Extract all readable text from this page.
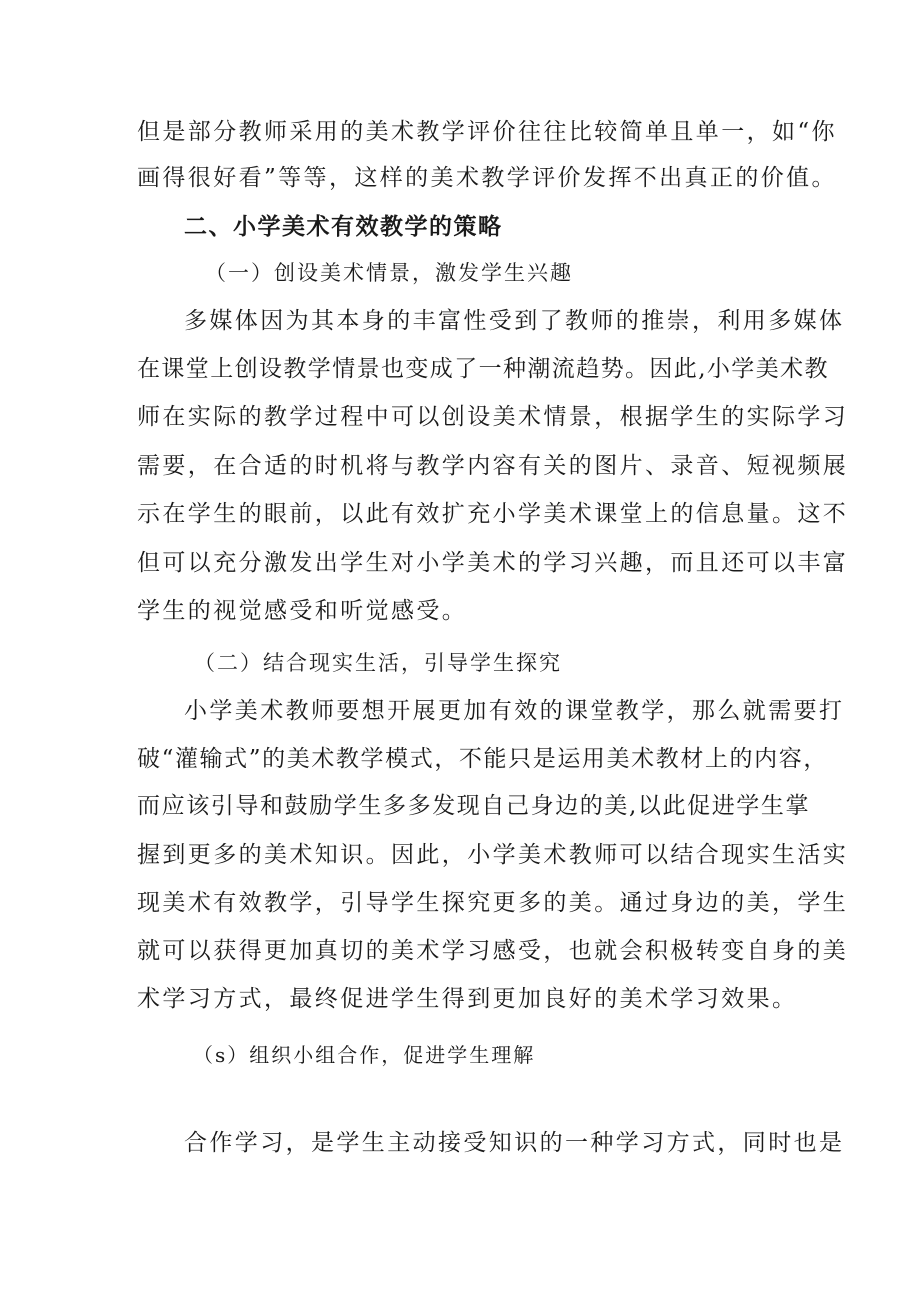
但是部分教师采用的美术教学评价往往比较简单且单一，如“你
画得很好看”等等，这样的美术教学评价发挥不出真正的价值。
二、小学美术有效教学的策略
（一）创设美术情景，激发学生兴趣
多媒体因为其本身的丰富性受到了教师的推崇，利用多媒体
在课堂上创设教学情景也变成了一种潮流趋势。因此,小学美术教
师在实际的教学过程中可以创设美术情景，根据学生的实际学习
需要，在合适的时机将与教学内容有关的图片、录音、短视频展
示在学生的眼前，以此有效扩充小学美术课堂上的信息量。这不
但可以充分激发出学生对小学美术的学习兴趣，而且还可以丰富
学生的视觉感受和听觉感受。
（二）结合现实生活，引导学生探究
小学美术教师要想开展更加有效的课堂教学，那么就需要打
破“灌输式”的美术教学模式，不能只是运用美术教材上的内容，
而应该引导和鼓励学生多多发现自己身边的美,以此促进学生掌
握到更多的美术知识。因此，小学美术教师可以结合现实生活实
现美术有效教学，引导学生探究更多的美。通过身边的美，学生
就可以获得更加真切的美术学习感受，也就会积极转变自身的美
术学习方式，最终促进学生得到更加良好的美术学习效果。
（s）组织小组合作，促进学生理解
合作学习，是学生主动接受知识的一种学习方式，同时也是
